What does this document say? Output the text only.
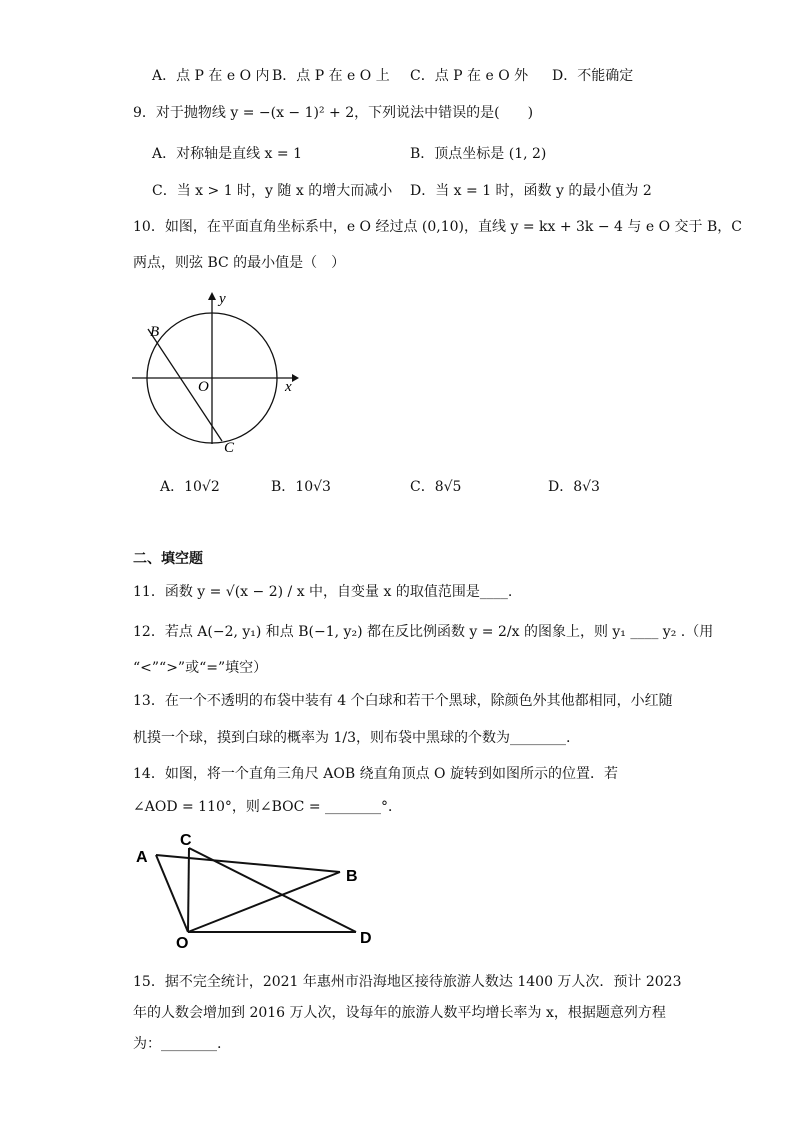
A．点 P 在 e O 内 B．点 P 在 e O 上 C．点 P 在 e O 外 D．不能确定
9．对于抛物线 y = −(x − 1)² + 2，下列说法中错误的是(　　)
A．对称轴是直线 x = 1	B．顶点坐标是 (1, 2)
C．当 x > 1 时，y 随 x 的增大而减小 D．当 x = 1 时，函数 y 的最小值为 2
10．如图，在平面直角坐标系中，e O 经过点 (0,10)，直线 y = kx + 3k − 4 与 e O 交于 B，C
两点，则弦 BC 的最小值是（　）
y
x
O
B
C
A．10√2	B．10√3	C．8√5	D．8√3
二、填空题
11．函数 y = √(x − 2) / x 中，自变量 x 的取值范围是____.
12．若点 A(−2, y₁) 和点 B(−1, y₂) 都在反比例函数 y = 2/x 的图象上，则 y₁ ____ y₂ .（用
“<”“>”或“=”填空）
13．在一个不透明的布袋中装有 4 个白球和若干个黑球，除颜色外其他都相同，小红随
机摸一个球，摸到白球的概率为 1/3，则布袋中黑球的个数为________.
14．如图，将一个直角三角尺 AOB 绕直角顶点 O 旋转到如图所示的位置．若
∠AOD = 110°，则∠BOC = ________°．
A
C
B
O	D
15．据不完全统计，2021 年惠州市沿海地区接待旅游人数达 1400 万人次．预计 2023
年的人数会增加到 2016 万人次，设每年的旅游人数平均增长率为 x，根据题意列方程
为：________.
